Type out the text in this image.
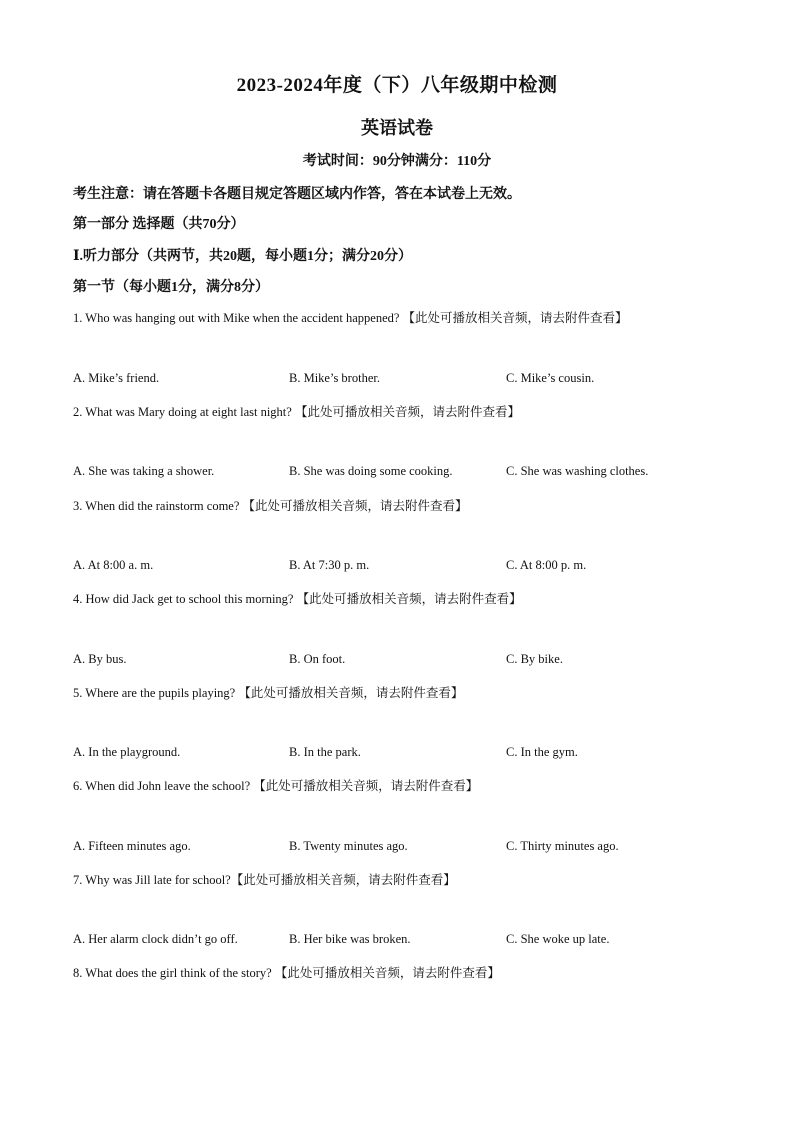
2023-2024年度（下）八年级期中检测
英语试卷
考试时间：90分钟满分：110分
考生注意：请在答题卡各题目规定答题区域内作答，答在本试卷上无效。
第一部分 选择题（共70分）
Ⅰ.听力部分（共两节，共20题，每小题1分；满分20分）
第一节（每小题1分，满分8分）
1. Who was hanging out with Mike when the accident happened? 【此处可播放相关音频，请去附件查看】
A. Mike’s friend.	B. Mike’s brother.	C. Mike’s cousin.
2. What was Mary doing at eight last night? 【此处可播放相关音频，请去附件查看】
A. She was taking a shower.	B. She was doing some cooking.	C. She was washing clothes.
3. When did the rainstorm come? 【此处可播放相关音频，请去附件查看】
A. At 8:00 a. m.	B. At 7:30 p. m.	C. At 8:00 p. m.
4. How did Jack get to school this morning? 【此处可播放相关音频，请去附件查看】
A. By bus.	B. On foot.	C. By bike.
5. Where are the pupils playing? 【此处可播放相关音频，请去附件查看】
A. In the playground.	B. In the park.	C. In the gym.
6. When did John leave the school? 【此处可播放相关音频，请去附件查看】
A. Fifteen minutes ago.	B. Twenty minutes ago.	C. Thirty minutes ago.
7. Why was Jill late for school?【此处可播放相关音频，请去附件查看】
A. Her alarm clock didn’t go off.	B. Her bike was broken.	C. She woke up late.
8. What does the girl think of the story? 【此处可播放相关音频，请去附件查看】
